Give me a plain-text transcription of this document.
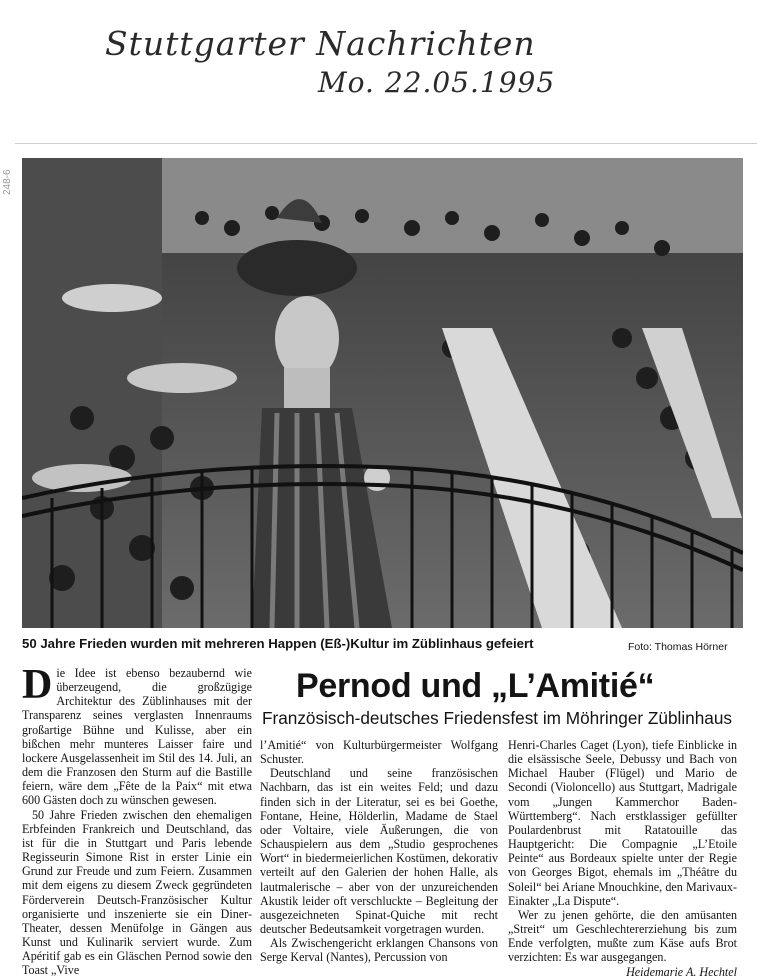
Stuttgarter Nachrichten
Mo. 22.05.1995
248-6
50 Jahre Frieden wurden mit mehreren Happen (Eß-)Kultur im Züblinhaus gefeiert	Foto: Thomas Hörner
Pernod und „L’Amitié“
Französisch-deutsches Friedensfest im Möhringer Züblinhaus

Die Idee ist ebenso bezaubernd wie überzeugend, die großzügige Architektur des Züblinhauses mit der Transparenz seines verglasten Innenraums großartige Bühne und Kulisse, aber ein bißchen mehr munteres Laisser faire und lockere Ausgelassenheit im Stil des 14. Juli, an dem die Franzosen den Sturm auf die Bastille feiern, wäre dem „Fête de la Paix“ mit etwa 600 Gästen doch zu wünschen gewesen.

50 Jahre Frieden zwischen den ehemaligen Erbfeinden Frankreich und Deutschland, das ist für die in Stuttgart und Paris lebende Regisseurin Simone Rist in erster Linie ein Grund zur Freude und zum Feiern. Zusammen mit dem eigens zu diesem Zweck gegründeten Förderverein Deutsch-Französischer Kultur organisierte und inszenierte sie ein Diner-Theater, dessen Menüfolge in Gängen aus Kunst und Kulinarik serviert wurde. Zum Apéritif gab es ein Gläschen Pernod sowie den Toast „Vive

l’Amitié“ von Kulturbürgermeister Wolfgang Schuster.

Deutschland und seine französischen Nachbarn, das ist ein weites Feld; und dazu finden sich in der Literatur, sei es bei Goethe, Fontane, Heine, Hölderlin, Madame de Stael oder Voltaire, viele Äußerungen, die von Schauspielern aus dem „Studio gesprochenes Wort“ in biedermeierlichen Kostümen, dekorativ verteilt auf den Galerien der hohen Halle, als lautmalerische – aber von der unzureichenden Akustik leider oft verschluckte – Begleitung der ausgezeichneten Spinat-Quiche mit recht deutscher Bedeutsamkeit vorgetragen wurden.

Als Zwischengericht erklangen Chansons von Serge Kerval (Nantes), Percussion von

Henri-Charles Caget (Lyon), tiefe Einblicke in die elsässische Seele, Debussy und Bach von Michael Hauber (Flügel) und Mario de Secondi (Violoncello) aus Stuttgart, Madrigale vom „Jungen Kammerchor Baden-Württemberg“. Nach erstklassiger gefüllter Poulardenbrust mit Ratatouille das Hauptgericht: Die Compagnie „L’Etoile Peinte“ aus Bordeaux spielte unter der Regie von Georges Bigot, ehemals im „Théâtre du Soleil“ bei Ariane Mnouchkine, den Marivaux-Einakter „La Dispute“.

Wer zu jenen gehörte, die den amüsanten „Streit“ um Geschlechtererziehung bis zum Ende verfolgten, mußte zum Käse aufs Brot verzichten: Es war ausgegangen.

Heidemarie A. Hechtel
